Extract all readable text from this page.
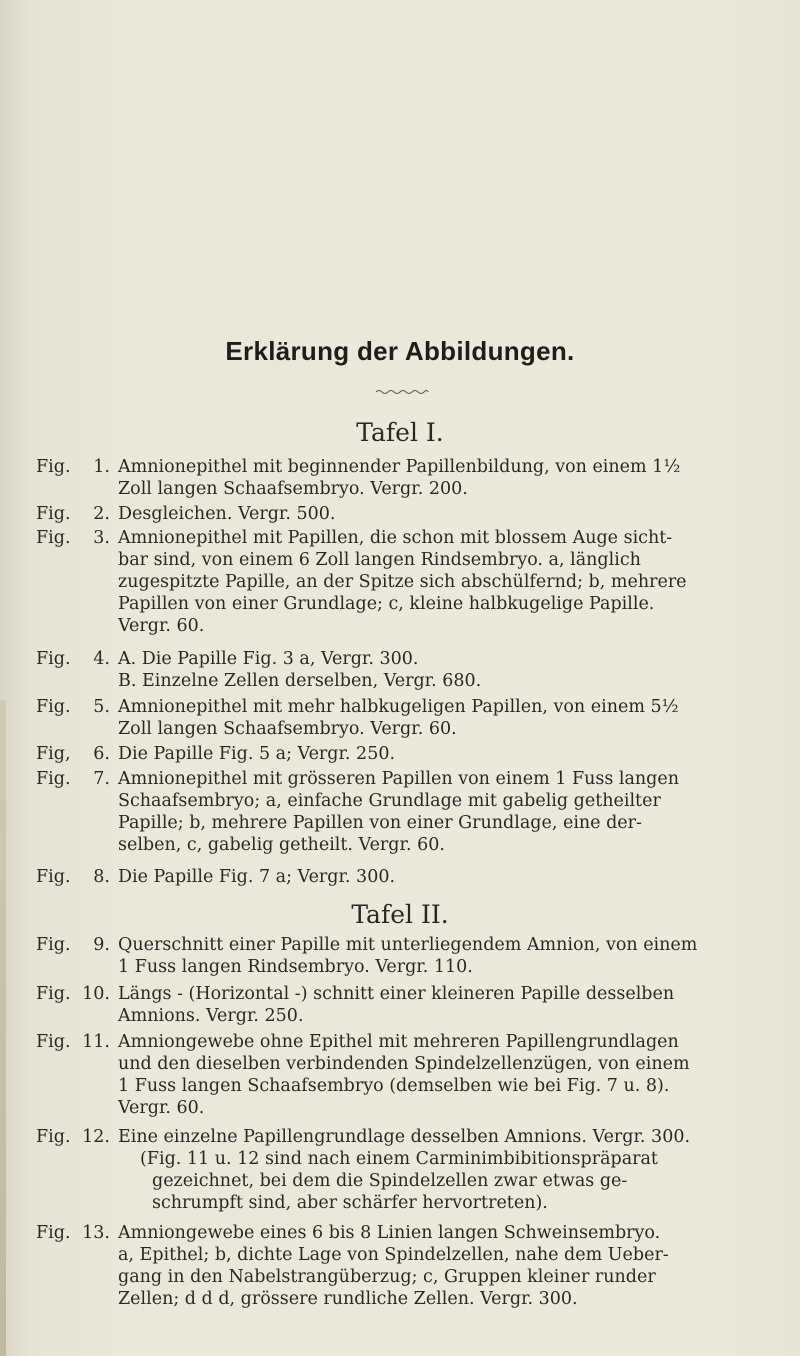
Erklärung der Abbildungen.
Tafel I.
Fig.	1. Amnionepithel mit beginnender Papillenbildung, von einem 1½
Zoll langen Schaafsembryo. Vergr. 200.
Fig.	2. Desgleichen. Vergr. 500.
Fig.	3. Amnionepithel mit Papillen, die schon mit blossem Auge sicht-
bar sind, von einem 6 Zoll langen Rindsembryo. a, länglich
zugespitzte Papille, an der Spitze sich abschülfernd; b, mehrere
Papillen von einer Grundlage; c, kleine halbkugelige Papille.
Vergr. 60.
Fig.	4. A. Die Papille Fig. 3 a, Vergr. 300.
B. Einzelne Zellen derselben, Vergr. 680.
Fig.	5. Amnionepithel mit mehr halbkugeligen Papillen, von einem 5½
Zoll langen Schaafsembryo. Vergr. 60.
Fig,	6. Die Papille Fig. 5 a; Vergr. 250.
Fig.	7. Amnionepithel mit grösseren Papillen von einem 1 Fuss langen
Schaafsembryo; a, einfache Grundlage mit gabelig getheilter
Papille; b, mehrere Papillen von einer Grundlage, eine der-
selben, c, gabelig getheilt. Vergr. 60.
Fig.	8. Die Papille Fig. 7 a; Vergr. 300.
Tafel II.
Fig.	9. Querschnitt einer Papille mit unterliegendem Amnion, von einem
1 Fuss langen Rindsembryo. Vergr. 110.
Fig. 10. Längs - (Horizontal -) schnitt einer kleineren Papille desselben
Amnions. Vergr. 250.
Fig. 11. Amniongewebe ohne Epithel mit mehreren Papillengrundlagen
und den dieselben verbindenden Spindelzellenzügen, von einem
1 Fuss langen Schaafsembryo (demselben wie bei Fig. 7 u. 8).
Vergr. 60.
Fig. 12. Eine einzelne Papillengrundlage desselben Amnions. Vergr. 300.
(Fig. 11 u. 12 sind nach einem Carminimbibitionspräparat
gezeichnet, bei dem die Spindelzellen zwar etwas ge-
schrumpft sind, aber schärfer hervortreten).
Fig. 13. Amniongewebe eines 6 bis 8 Linien langen Schweinsembryo.
a, Epithel; b, dichte Lage von Spindelzellen, nahe dem Ueber-
gang in den Nabelstrangüberzug; c, Gruppen kleiner runder
Zellen; d d d, grössere rundliche Zellen. Vergr. 300.
